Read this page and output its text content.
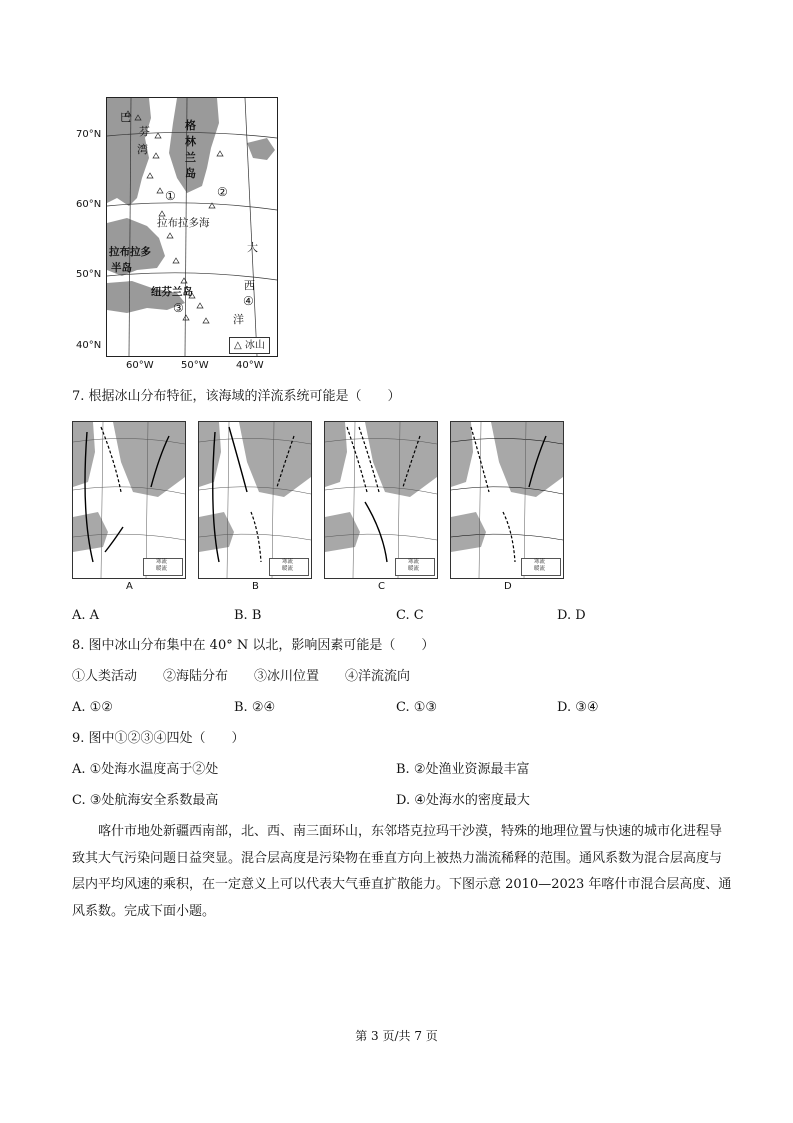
70°N
60°N
50°N
40°N
60°W	50°W	40°W
巴
芬
湾
格
林
兰
岛
①	②
拉布拉多海
大
拉布拉多
半岛
西
纽芬兰岛
④
③
洋
△ 冰山
7. 根据冰山分布特征，该海域的洋流系统可能是（　　）
寒流
暖流
寒流
暖流
寒流
暖流
寒流
暖流
A	B	C	D
A. A	B. B	C. C	D. D
8. 图中冰山分布集中在 40° N 以北，影响因素可能是（　　）
①人类活动　　②海陆分布　　③冰川位置　　④洋流流向
A. ①②	B. ②④	C. ①③	D. ③④
9. 图中①②③④四处（　　）
A. ①处海水温度高于②处	B. ②处渔业资源最丰富
C. ③处航海安全系数最高	D. ④处海水的密度最大
喀什市地处新疆西南部，北、西、南三面环山，东邻塔克拉玛干沙漠，特殊的地理位置与快速的城市化进程导致其大气污染问题日益突显。混合层高度是污染物在垂直方向上被热力湍流稀释的范围。通风系数为混合层高度与层内平均风速的乘积，在一定意义上可以代表大气垂直扩散能力。下图示意 2010—2023 年喀什市混合层高度、通风系数。完成下面小题。
第 3 页/共 7 页
